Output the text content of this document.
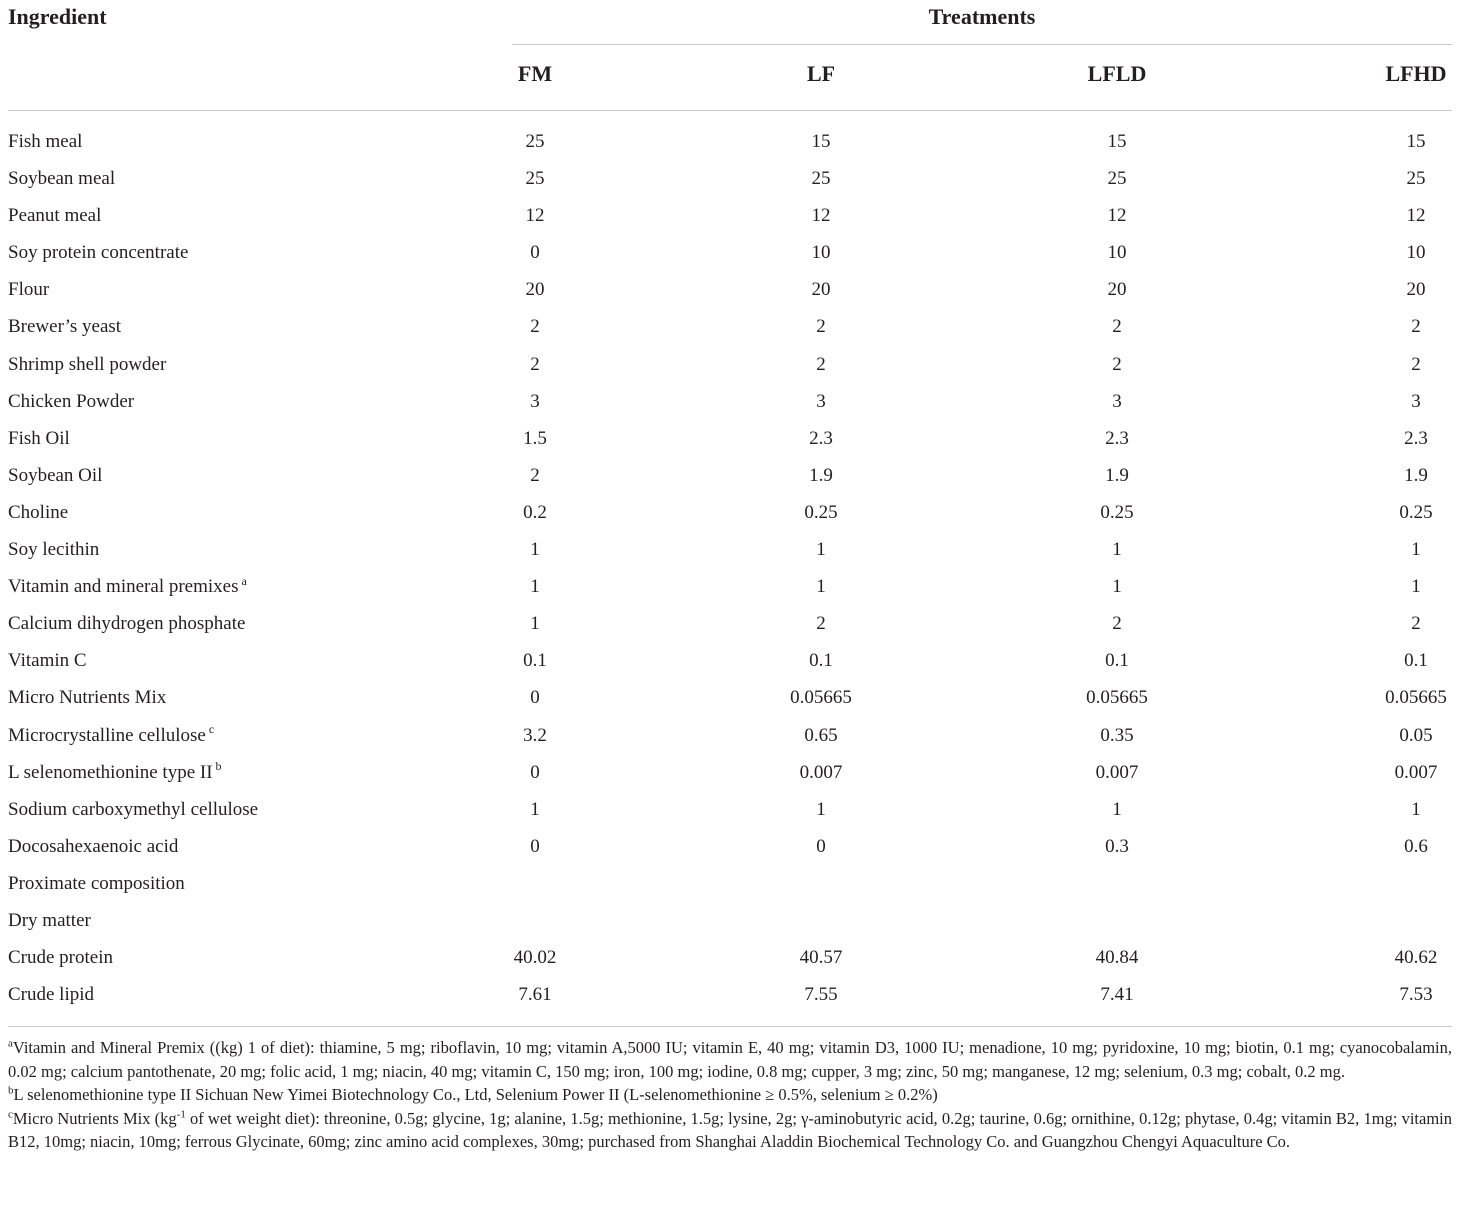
Ingredient	Treatments
FM	LF	LFLD	LFHD
Fish meal	25	15	15	15
Soybean meal	25	25	25	25
Peanut meal	12	12	12	12
Soy protein concentrate	0	10	10	10
Flour	20	20	20	20
Brewer’s yeast	2	2	2	2
Shrimp shell powder	2	2	2	2
Chicken Powder	3	3	3	3
Fish Oil	1.5	2.3	2.3	2.3
Soybean Oil	2	1.9	1.9	1.9
Choline	0.2	0.25	0.25	0.25
Soy lecithin	1	1	1	1
Vitamin and mineral premixes $^a$	1	1	1	1
Calcium dihydrogen phosphate	1	2	2	2
Vitamin C	0.1	0.1	0.1	0.1
Micro Nutrients Mix	0	0.05665	0.05665	0.05665
Microcrystalline cellulose $^c$	3.2	0.65	0.35	0.05
L selenomethionine type II $^b$	0	0.007	0.007	0.007
Sodium carboxymethyl cellulose	1	1	1	1
Docosahexaenoic acid	0	0	0.3	0.6
Proximate composition
Dry matter
Crude protein	40.02	40.57	40.84	40.62
Crude lipid	7.61	7.55	7.41	7.53

$^a$Vitamin and Mineral Premix ((kg) 1 of diet): thiamine, 5 mg; riboflavin, 10 mg; vitamin A,5000 IU; vitamin E, 40 mg; vitamin D3, 1000 IU; menadione, 10 mg; pyridoxine, 10 mg; biotin, 0.1 mg; cyanocobalamin, 0.02 mg; calcium pantothenate, 20 mg; folic acid, 1 mg; niacin, 40 mg; vitamin C, 150 mg; iron, 100 mg; iodine, 0.8 mg; cupper, 3 mg; zinc, 50 mg; manganese, 12 mg; selenium, 0.3 mg; cobalt, 0.2 mg.

$^b$L selenomethionine type II Sichuan New Yimei Biotechnology Co., Ltd, Selenium Power II (L-selenomethionine ≥ 0.5%, selenium ≥ 0.2%)

$^c$Micro Nutrients Mix ($kg^{-1}$ of wet weight diet): threonine, 0.5g; glycine, 1g; alanine, 1.5g; methionine, 1.5g; lysine, 2g; γ-aminobutyric acid, 0.2g; taurine, 0.6g; ornithine, 0.12g; phytase, 0.4g; vitamin B2, 1mg; vitamin B12, 10mg; niacin, 10mg; ferrous Glycinate, 60mg; zinc amino acid complexes, 30mg; purchased from Shanghai Aladdin Biochemical Technology Co. and Guangzhou Chengyi Aquaculture Co.
